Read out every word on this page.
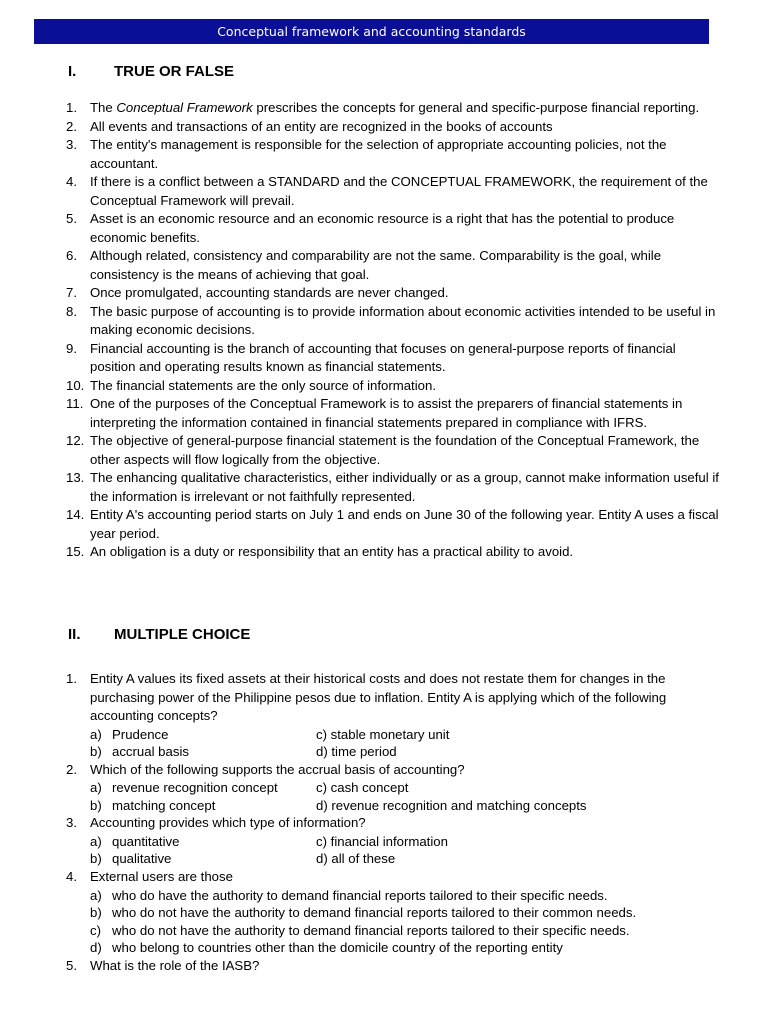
Conceptual framework and accounting standards
I.	TRUE OR FALSE
1. The Conceptual Framework prescribes the concepts for general and specific-purpose financial reporting.
2. All events and transactions of an entity are recognized in the books of accounts
3. The entity's management is responsible for the selection of appropriate accounting policies, not the accountant.
4. If there is a conflict between a STANDARD and the CONCEPTUAL FRAMEWORK, the requirement of the Conceptual Framework will prevail.
5. Asset is an economic resource and an economic resource is a right that has the potential to produce economic benefits.
6. Although related, consistency and comparability are not the same. Comparability is the goal, while consistency is the means of achieving that goal.
7. Once promulgated, accounting standards are never changed.
8. The basic purpose of accounting is to provide information about economic activities intended to be useful in making economic decisions.
9. Financial accounting is the branch of accounting that focuses on general-purpose reports of financial position and operating results known as financial statements.
10. The financial statements are the only source of information.
11. One of the purposes of the Conceptual Framework is to assist the preparers of financial statements in interpreting the information contained in financial statements prepared in compliance with IFRS.
12. The objective of general-purpose financial statement is the foundation of the Conceptual Framework, the other aspects will flow logically from the objective.
13. The enhancing qualitative characteristics, either individually or as a group, cannot make information useful if the information is irrelevant or not faithfully represented.
14. Entity A's accounting period starts on July 1 and ends on June 30 of the following year. Entity A uses a fiscal year period.
15. An obligation is a duty or responsibility that an entity has a practical ability to avoid.
II. MULTIPLE CHOICE
1. Entity A values its fixed assets at their historical costs and does not restate them for changes in the purchasing power of the Philippine pesos due to inflation. Entity A is applying which of the following accounting concepts?
a) Prudence	c) stable monetary unit
b) accrual basis	d) time period
2. Which of the following supports the accrual basis of accounting?
a) revenue recognition concept	c) cash concept
b) matching concept	d) revenue recognition and matching concepts
3. Accounting provides which type of information?
a) quantitative	c) financial information
b) qualitative	d) all of these
4. External users are those
a) who do have the authority to demand financial reports tailored to their specific needs.
b) who do not have the authority to demand financial reports tailored to their common needs.
c) who do not have the authority to demand financial reports tailored to their specific needs.
d) who belong to countries other than the domicile country of the reporting entity
5. What is the role of the IASB?
